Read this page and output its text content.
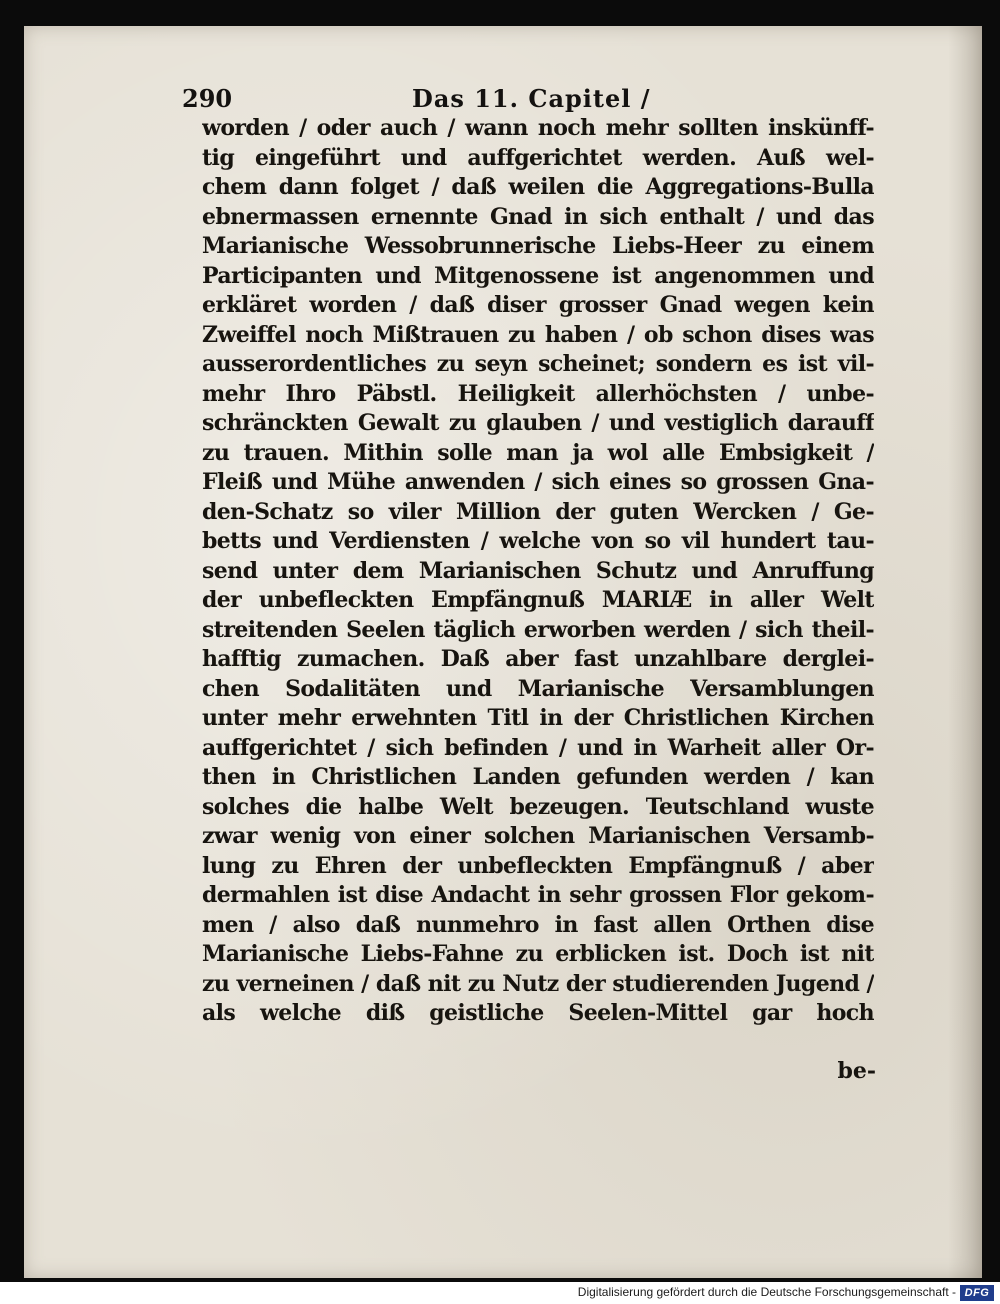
290	Das 11. Capitel /
worden / oder auch / wann noch mehr sollten inskünff-
tig eingeführt und auffgerichtet werden. Auß wel-
chem dann folget / daß weilen die Aggregations-Bulla
ebnermassen ernennte Gnad in sich enthalt / und das
Marianische Wessobrunnerische Liebs-Heer zu einem
Participanten und Mitgenossene ist angenommen und
erkläret worden / daß diser grosser Gnad wegen kein
Zweiffel noch Mißtrauen zu haben / ob schon dises was
ausserordentliches zu seyn scheinet; sondern es ist vil-
mehr Ihro Päbstl. Heiligkeit allerhöchsten / unbe-
schränckten Gewalt zu glauben / und vestiglich darauff
zu trauen. Mithin solle man ja wol alle Embsigkeit /
Fleiß und Mühe anwenden / sich eines so grossen Gna-
den-Schatz so viler Million der guten Wercken / Ge-
betts und Verdiensten / welche von so vil hundert tau-
send unter dem Marianischen Schutz und Anruffung
der unbefleckten Empfängnuß MARIÆ in aller Welt
streitenden Seelen täglich erworben werden / sich theil-
hafftig zumachen. Daß aber fast unzahlbare derglei-
chen Sodalitäten und Marianische Versamblungen
unter mehr erwehnten Titl in der Christlichen Kirchen
auffgerichtet / sich befinden / und in Warheit aller Or-
then in Christlichen Landen gefunden werden / kan
solches die halbe Welt bezeugen. Teutschland wuste
zwar wenig von einer solchen Marianischen Versamb-
lung zu Ehren der unbefleckten Empfängnuß / aber
dermahlen ist dise Andacht in sehr grossen Flor gekom-
men / also daß nunmehro in fast allen Orthen dise
Marianische Liebs-Fahne zu erblicken ist. Doch ist nit
zu verneinen / daß nit zu Nutz der studierenden Jugend /
als welche diß geistliche Seelen-Mittel gar hoch
be-
Digitalisierung gefördert durch die Deutsche Forschungsgemeinschaft - DFG
